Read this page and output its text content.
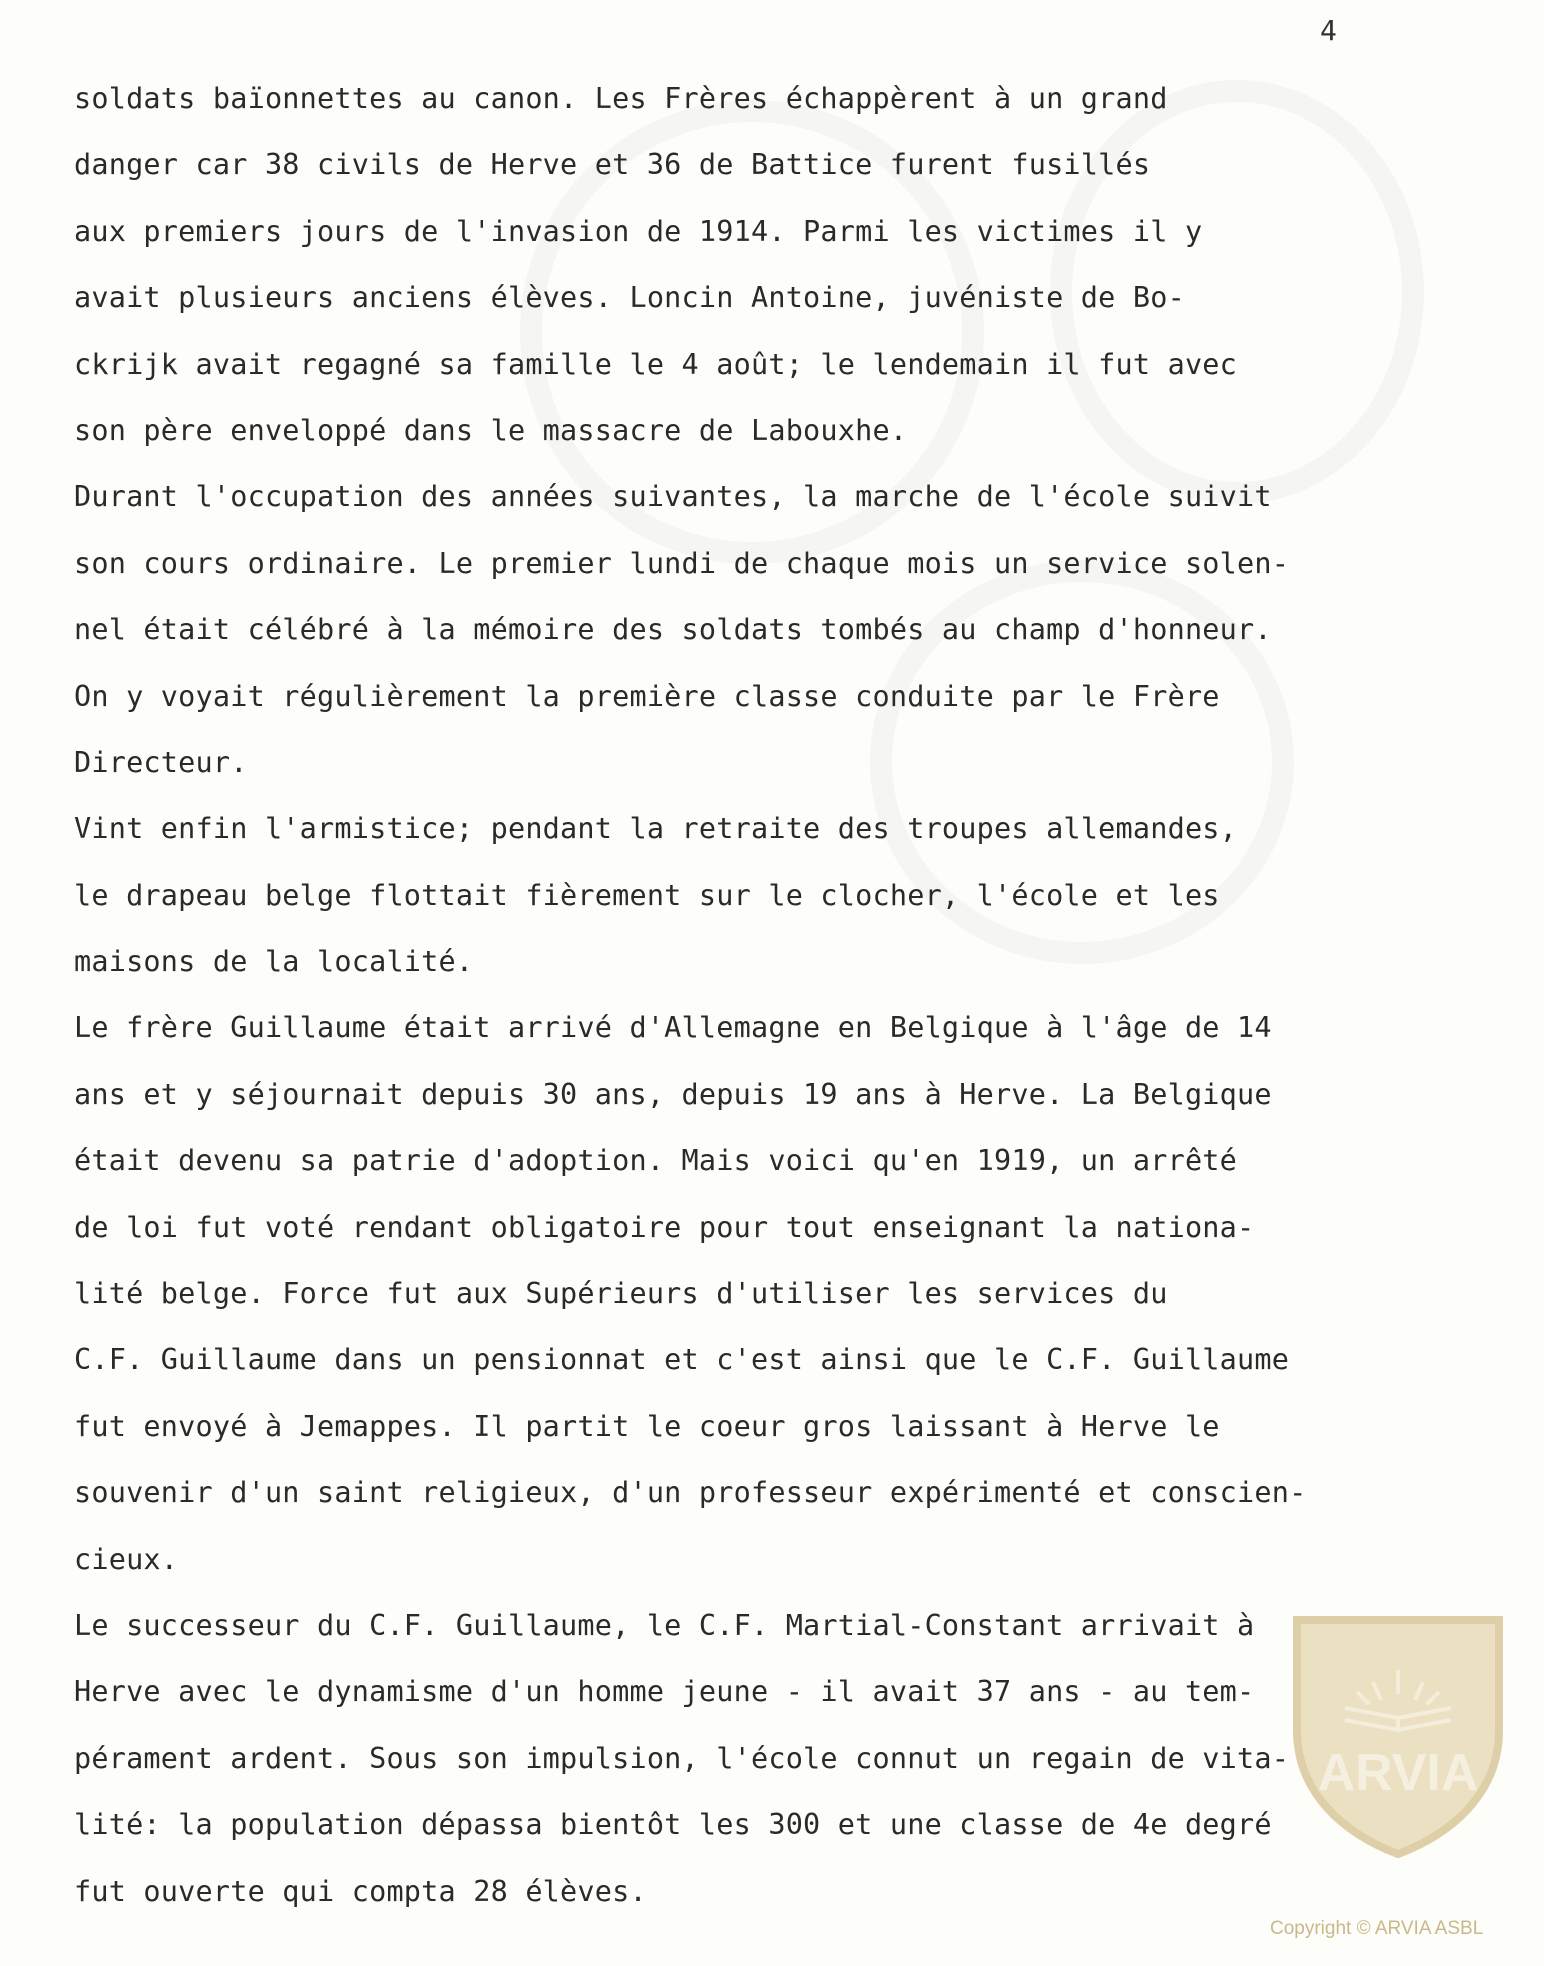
4
soldats baïonnettes au canon. Les Frères échappèrent à un grand
danger car 38 civils de Herve et 36 de Battice furent fusillés
aux premiers jours de l'invasion de 1914. Parmi les victimes il y
avait plusieurs anciens élèves. Loncin Antoine, juvéniste de Bo-
ckrijk avait regagné sa famille le 4 août; le lendemain il fut avec
son père enveloppé dans le massacre de Labouxhe.
Durant l'occupation des années suivantes, la marche de l'école suivit
son cours ordinaire. Le premier lundi de chaque mois un service solen-
nel était célébré à la mémoire des soldats tombés au champ d'honneur.
On y voyait régulièrement la première classe conduite par le Frère
Directeur.
Vint enfin l'armistice; pendant la retraite des troupes allemandes,
le drapeau belge flottait fièrement sur le clocher, l'école et les
maisons de la localité.
Le frère Guillaume était arrivé d'Allemagne en Belgique à l'âge de 14
ans et y séjournait depuis 30 ans, depuis 19 ans à Herve. La Belgique
était devenu sa patrie d'adoption. Mais voici qu'en 1919, un arrêté
de loi fut voté rendant obligatoire pour tout enseignant la nationa-
lité belge. Force fut aux Supérieurs d'utiliser les services du
C.F. Guillaume dans un pensionnat et c'est ainsi que le C.F. Guillaume
fut envoyé à Jemappes. Il partit le coeur gros laissant à Herve le
souvenir d'un saint religieux, d'un professeur expérimenté et conscien-
cieux.
Le successeur du C.F. Guillaume, le C.F. Martial-Constant arrivait à
Herve avec le dynamisme d'un homme jeune - il avait 37 ans - au tem-
pérament ardent. Sous son impulsion, l'école connut un regain de vita-
lité: la population dépassa bientôt les 300 et une classe de 4e degré
fut ouverte qui compta 28 élèves.
ARVIA
Copyright © ARVIA ASBL
